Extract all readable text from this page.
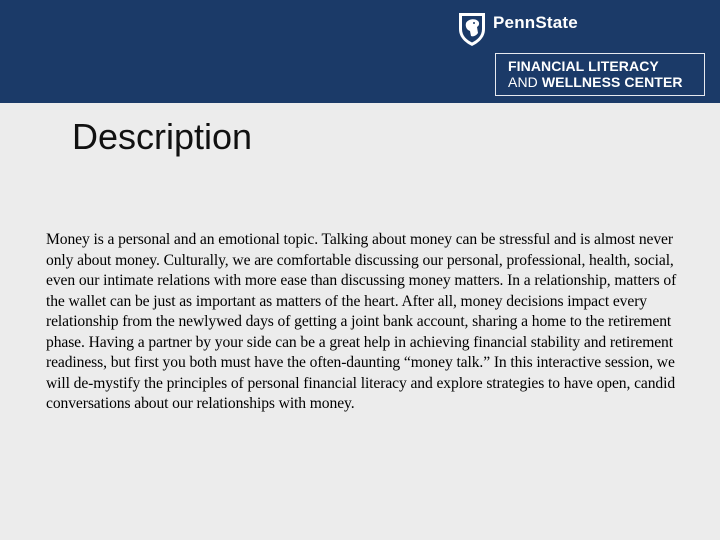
PennState
FINANCIAL LITERACY
AND WELLNESS CENTER
Description

Money is a personal and an emotional topic. Talking about money can be stressful and is almost never only about money. Culturally, we are comfortable discussing our personal, professional, health, social, even our intimate relations with more ease than discussing money matters. In a relationship, matters of the wallet can be just as important as matters of the heart. After all, money decisions impact every relationship from the newlywed days of getting a joint bank account, sharing a home to the retirement phase. Having a partner by your side can be a great help in achieving financial stability and retirement readiness, but first you both must have the often-daunting “money talk.” In this interactive session, we will de-mystify the principles of personal financial literacy and explore strategies to have open, candid conversations about our relationships with money.
